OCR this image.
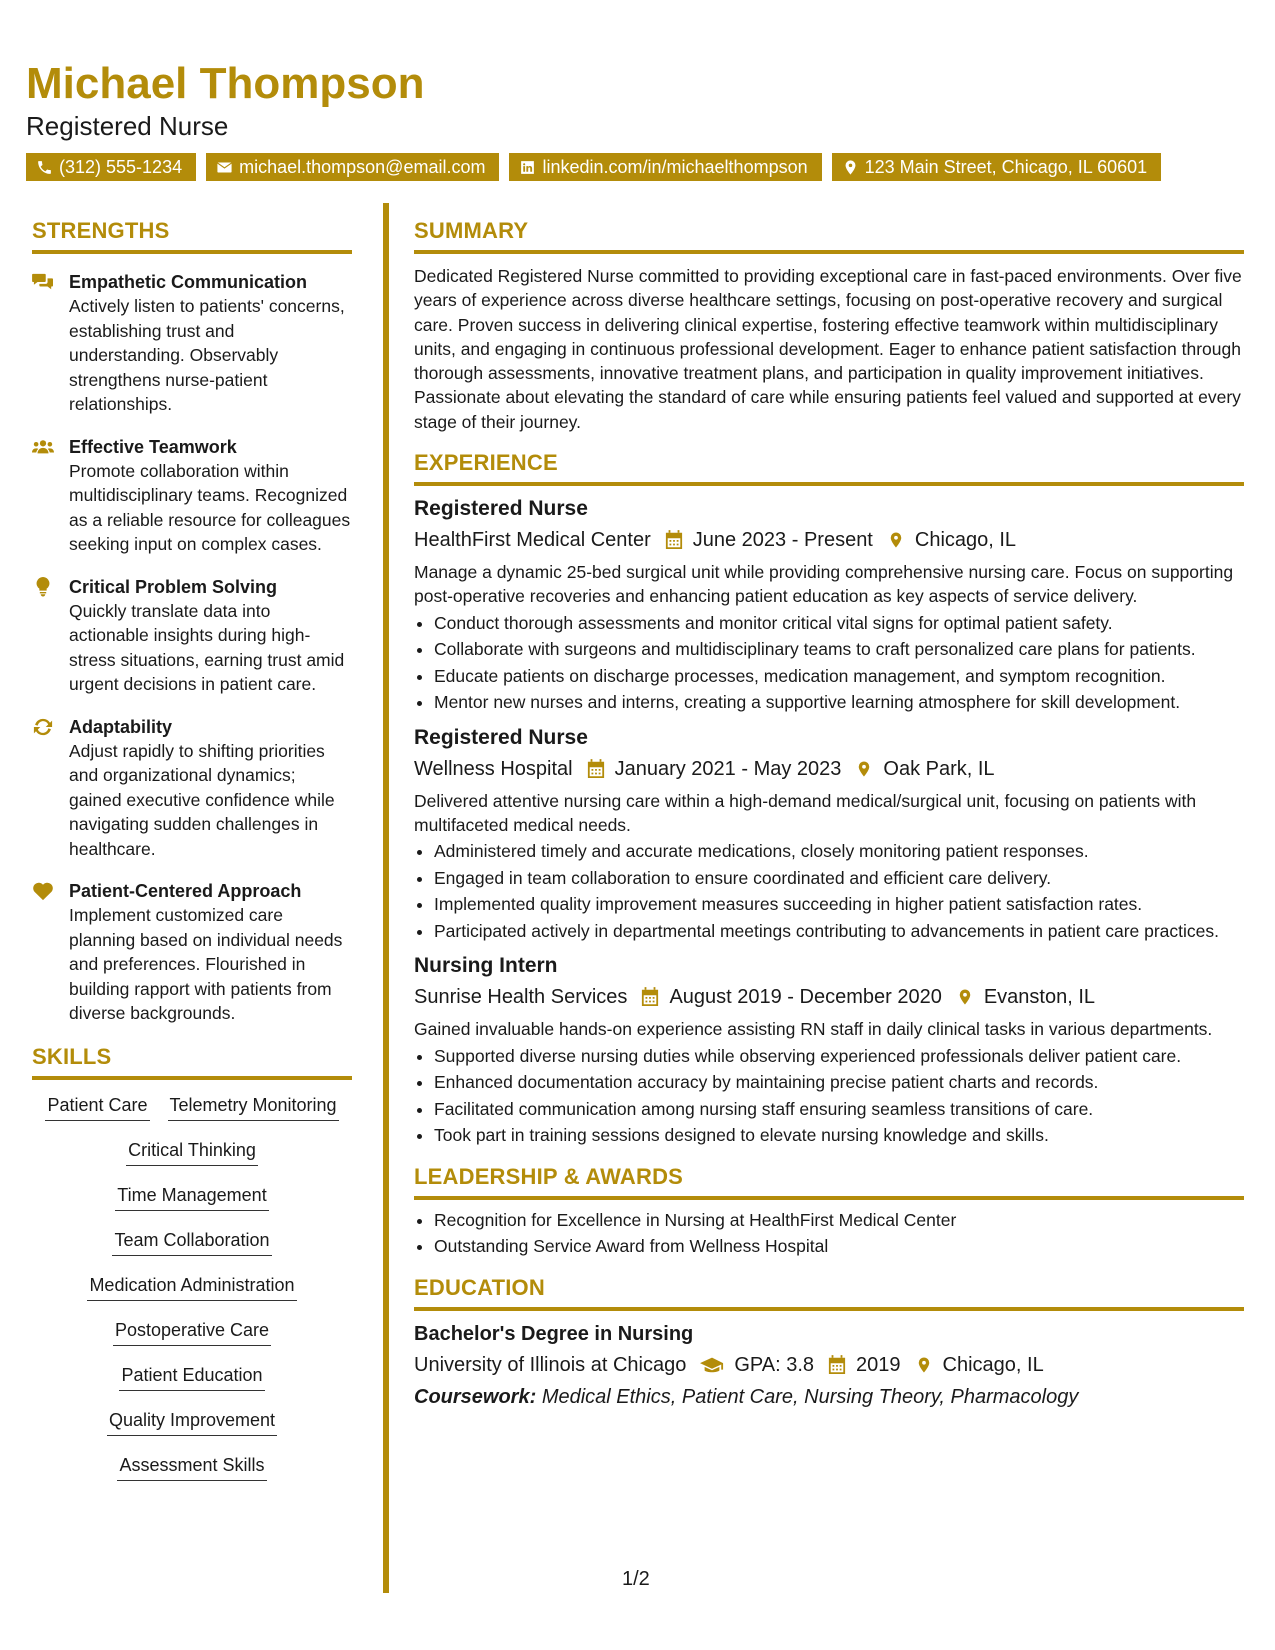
Michael Thompson
Registered Nurse
(312) 555-1234	michael.thompson@email.com	linkedin.com/in/michaelthompson	123 Main Street, Chicago, IL 60601
STRENGTHS
Empathetic Communication
Actively listen to patients' concerns, establishing trust and understanding. Observably strengthens nurse-patient relationships.
Effective Teamwork
Promote collaboration within multidisciplinary teams. Recognized as a reliable resource for colleagues seeking input on complex cases.
Critical Problem Solving
Quickly translate data into actionable insights during high-stress situations, earning trust amid urgent decisions in patient care.
Adaptability
Adjust rapidly to shifting priorities and organizational dynamics; gained executive confidence while navigating sudden challenges in healthcare.
Patient-Centered Approach
Implement customized care planning based on individual needs and preferences. Flourished in building rapport with patients from diverse backgrounds.
SKILLS
Patient Care Telemetry Monitoring
Critical Thinking
Time Management
Team Collaboration
Medication Administration
Postoperative Care
Patient Education
Quality Improvement
Assessment Skills
SUMMARY

Dedicated Registered Nurse committed to providing exceptional care in fast-paced environments. Over five years of experience across diverse healthcare settings, focusing on post-operative recovery and surgical care. Proven success in delivering clinical expertise, fostering effective teamwork within multidisciplinary units, and engaging in continuous professional development. Eager to enhance patient satisfaction through thorough assessments, innovative treatment plans, and participation in quality improvement initiatives. Passionate about elevating the standard of care while ensuring patients feel valued and supported at every stage of their journey.

EXPERIENCE
Registered Nurse
HealthFirst Medical Center June 2023 - Present Chicago, IL

Manage a dynamic 25-bed surgical unit while providing comprehensive nursing care. Focus on supporting post-operative recoveries and enhancing patient education as key aspects of service delivery.

• Conduct thorough assessments and monitor critical vital signs for optimal patient safety.
• Collaborate with surgeons and multidisciplinary teams to craft personalized care plans for patients.
• Educate patients on discharge processes, medication management, and symptom recognition.
• Mentor new nurses and interns, creating a supportive learning atmosphere for skill development.
Registered Nurse
Wellness Hospital January 2021 - May 2023 Oak Park, IL

Delivered attentive nursing care within a high-demand medical/surgical unit, focusing on patients with multifaceted medical needs.

• Administered timely and accurate medications, closely monitoring patient responses.
• Engaged in team collaboration to ensure coordinated and efficient care delivery.
• Implemented quality improvement measures succeeding in higher patient satisfaction rates.
• Participated actively in departmental meetings contributing to advancements in patient care practices.
Nursing Intern
Sunrise Health Services August 2019 - December 2020 Evanston, IL

Gained invaluable hands-on experience assisting RN staff in daily clinical tasks in various departments.

• Supported diverse nursing duties while observing experienced professionals deliver patient care.
• Enhanced documentation accuracy by maintaining precise patient charts and records.
• Facilitated communication among nursing staff ensuring seamless transitions of care.
• Took part in training sessions designed to elevate nursing knowledge and skills.
LEADERSHIP & AWARDS
• Recognition for Excellence in Nursing at HealthFirst Medical Center
• Outstanding Service Award from Wellness Hospital
EDUCATION
Bachelor's Degree in Nursing
University of Illinois at Chicago GPA: 3.8 2019 Chicago, IL
Coursework: Medical Ethics, Patient Care, Nursing Theory, Pharmacology
1/2
